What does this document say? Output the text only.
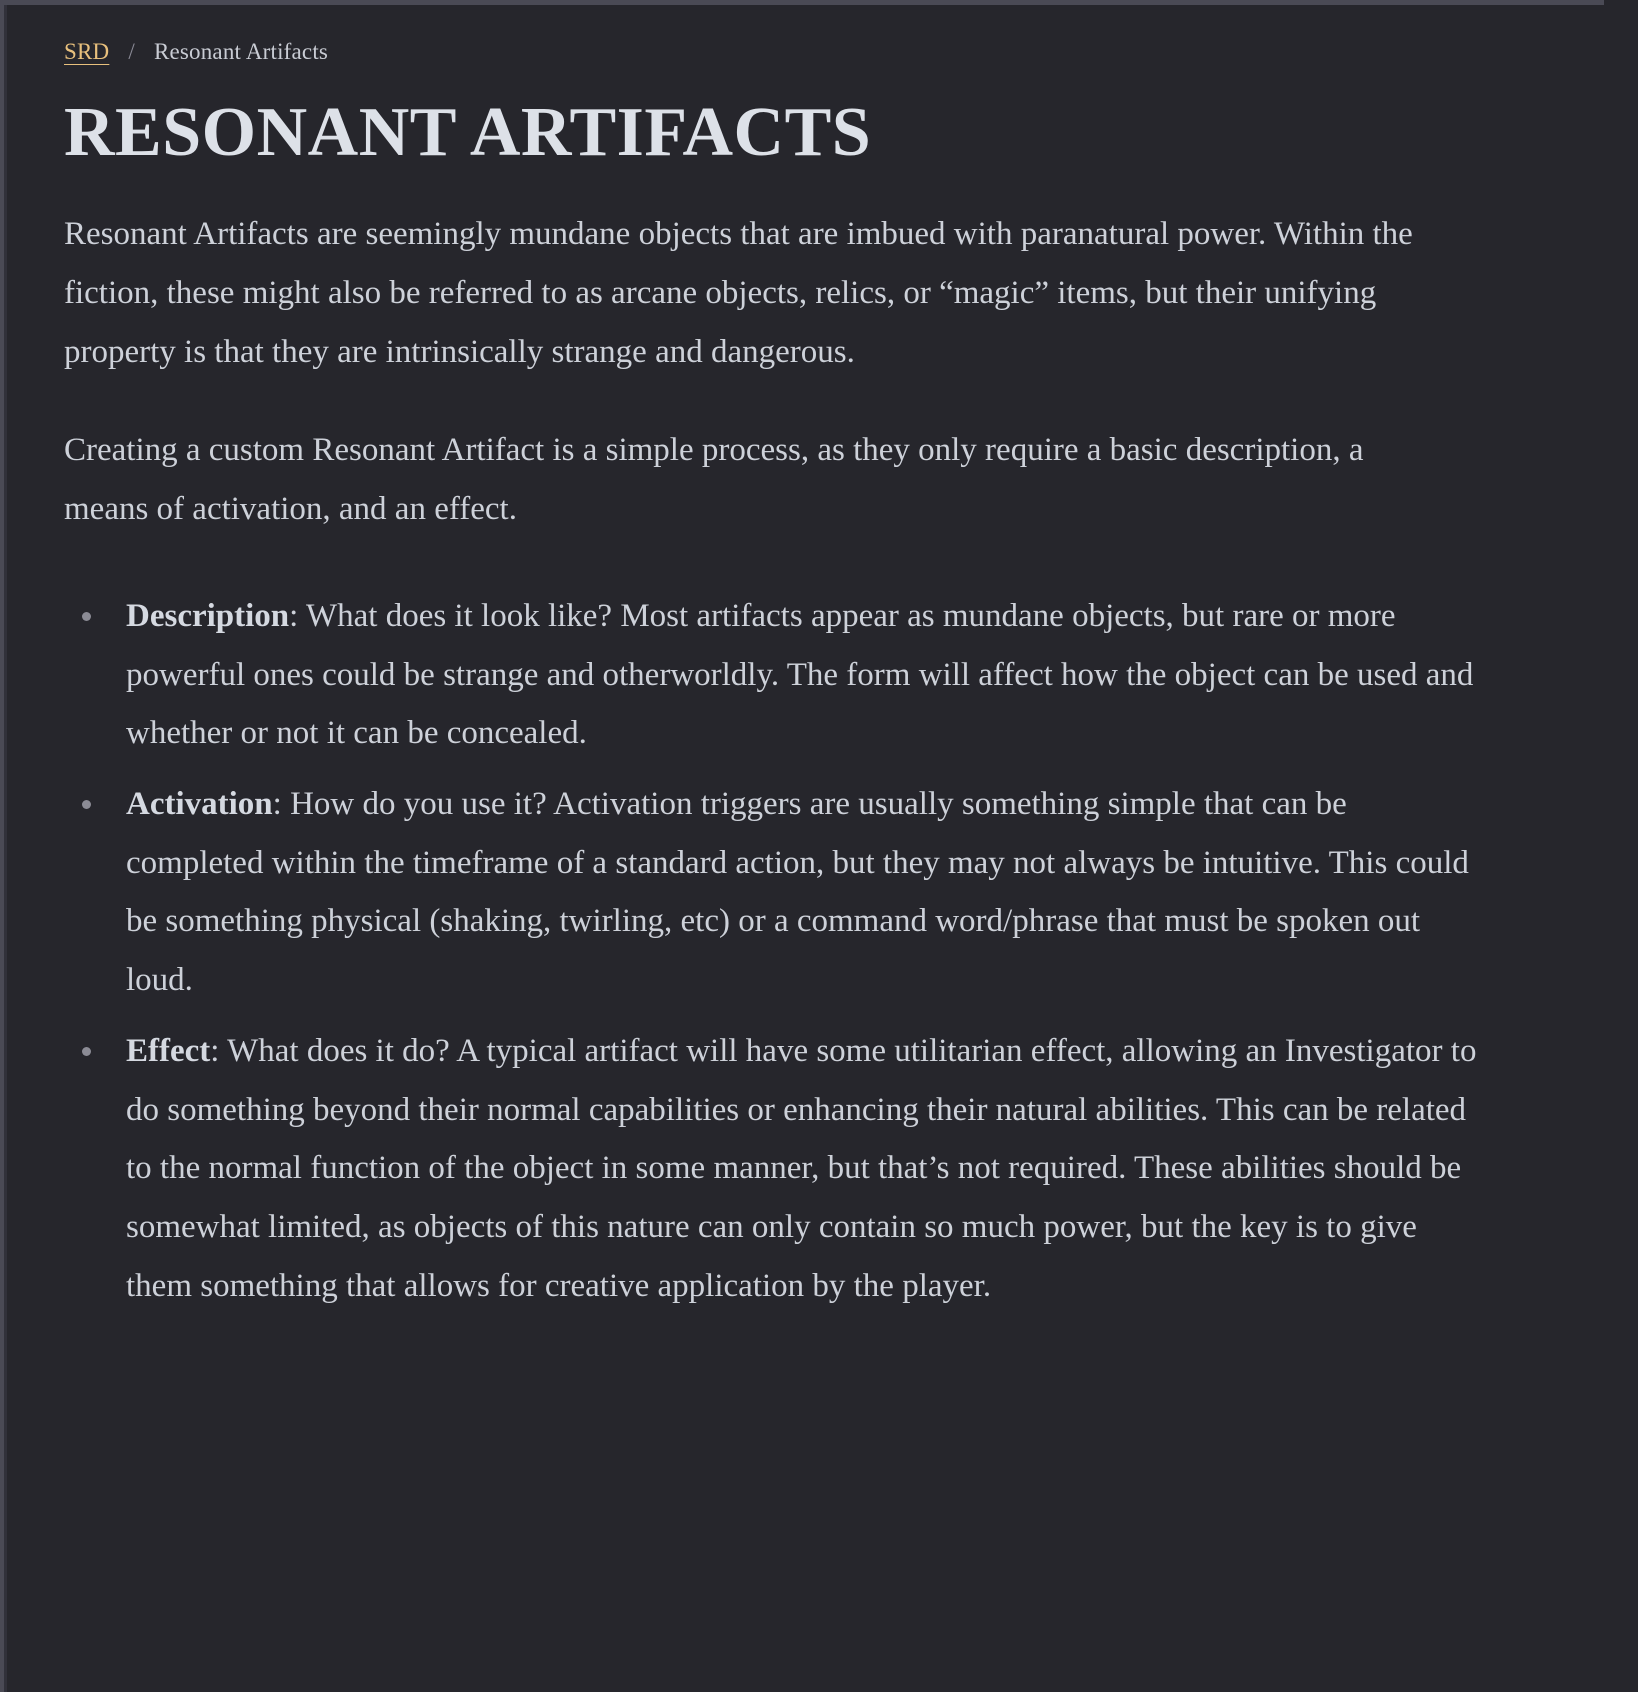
SRD / Resonant Artifacts
RESONANT ARTIFACTS

Resonant Artifacts are seemingly mundane objects that are imbued with paranatural power. Within the fiction, these might also be referred to as arcane objects, relics, or “magic” items, but their unifying property is that they are intrinsically strange and dangerous.

Creating a custom Resonant Artifact is a simple process, as they only require a basic description, a means of activation, and an effect.

Description: What does it look like? Most artifacts appear as mundane objects, but rare or more powerful ones could be strange and otherworldly. The form will affect how the object can be used and whether or not it can be concealed.
Activation: How do you use it? Activation triggers are usually something simple that can be completed within the timeframe of a standard action, but they may not always be intuitive. This could be something physical (shaking, twirling, etc) or a command word/phrase that must be spoken out loud.
Effect: What does it do? A typical artifact will have some utilitarian effect, allowing an Investigator to do something beyond their normal capabilities or enhancing their natural abilities. This can be related to the normal function of the object in some manner, but that’s not required. These abilities should be somewhat limited, as objects of this nature can only contain so much power, but the key is to give them something that allows for creative application by the player.
